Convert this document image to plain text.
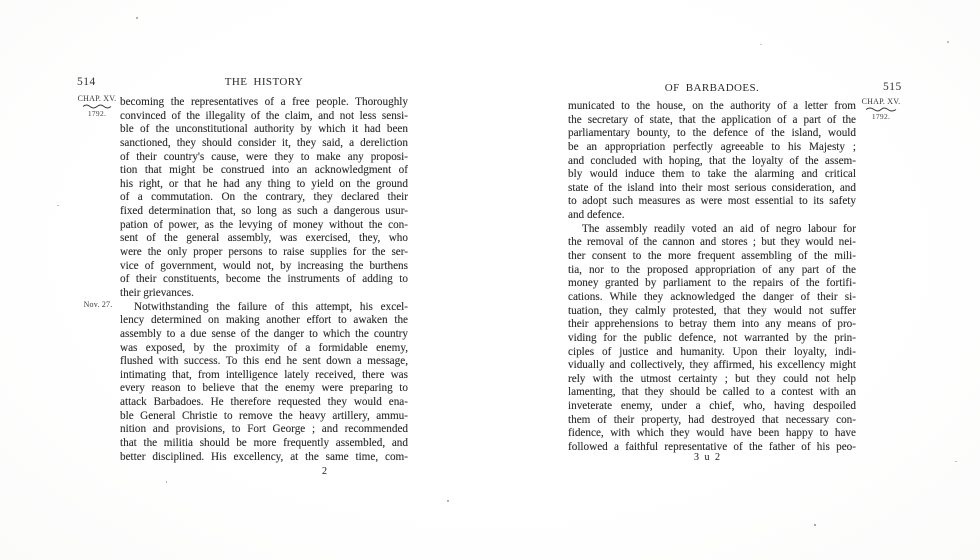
514	THE HISTORY
CHAP. XV.
1792.
Nov. 27.
becoming the representatives of a free people. Thoroughly
convinced of the illegality of the claim, and not less sensi-
ble of the unconstitutional authority by which it had been
sanctioned, they should consider it, they said, a dereliction
of their country's cause, were they to make any proposi-
tion that might be construed into an acknowledgment of
his right, or that he had any thing to yield on the ground
of a commutation. On the contrary, they declared their
fixed determination that, so long as such a dangerous usur-
pation of power, as the levying of money without the con-
sent of the general assembly, was exercised, they, who
were the only proper persons to raise supplies for the ser-
vice of government, would not, by increasing the burthens
of their constituents, become the instruments of adding to
their grievances.
Notwithstanding the failure of this attempt, his excel-
lency determined on making another effort to awaken the
assembly to a due sense of the danger to which the country
was exposed, by the proximity of a formidable enemy,
flushed with success. To this end he sent down a message,
intimating that, from intelligence lately received, there was
every reason to believe that the enemy were preparing to
attack Barbadoes. He therefore requested they would ena-
ble General Christie to remove the heavy artillery, ammu-
nition and provisions, to Fort George ; and recommended
that the militia should be more frequently assembled, and
better disciplined. His excellency, at the same time, com-
2
OF BARBADOES.	515
CHAP. XV.
1792.
municated to the house, on the authority of a letter from
the secretary of state, that the application of a part of the
parliamentary bounty, to the defence of the island, would
be an appropriation perfectly agreeable to his Majesty ;
and concluded with hoping, that the loyalty of the assem-
bly would induce them to take the alarming and critical
state of the island into their most serious consideration, and
to adopt such measures as were most essential to its safety
and defence.
The assembly readily voted an aid of negro labour for
the removal of the cannon and stores ; but they would nei-
ther consent to the more frequent assembling of the mili-
tia, nor to the proposed appropriation of any part of the
money granted by parliament to the repairs of the fortifi-
cations. While they acknowledged the danger of their si-
tuation, they calmly protested, that they would not suffer
their apprehensions to betray them into any means of pro-
viding for the public defence, not warranted by the prin-
ciples of justice and humanity. Upon their loyalty, indi-
vidually and collectively, they affirmed, his excellency might
rely with the utmost certainty ; but they could not help
lamenting, that they should be called to a contest with an
inveterate enemy, under a chief, who, having despoiled
them of their property, had destroyed that necessary con-
fidence, with which they would have been happy to have
followed a faithful representative of the father of his peo-
3 u 2
